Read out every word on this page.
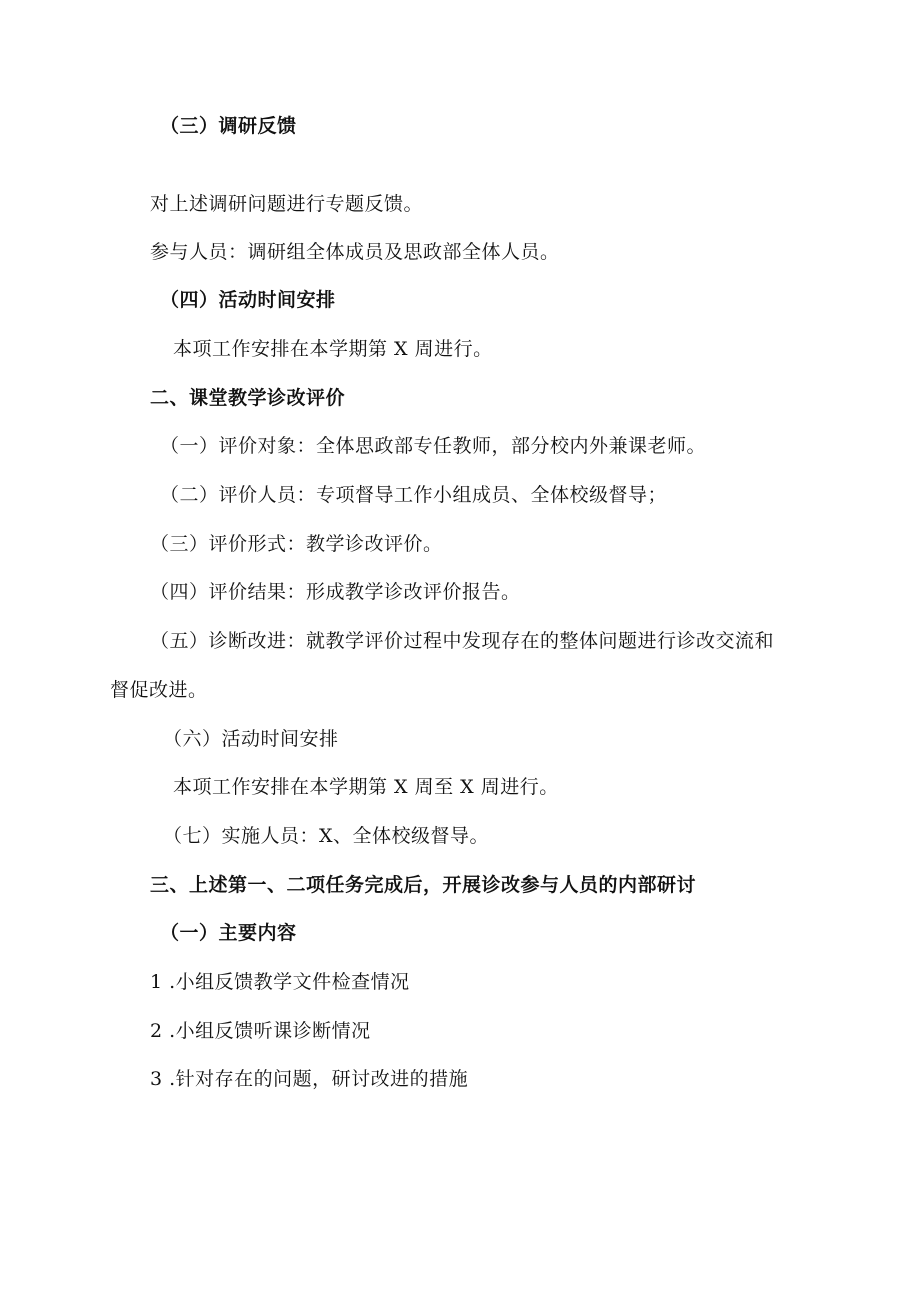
（三）调研反馈
对上述调研问题进行专题反馈。
参与人员：调研组全体成员及思政部全体人员。
（四）活动时间安排
本项工作安排在本学期第 X 周进行。
二、课堂教学诊改评价
（一）评价对象：全体思政部专任教师，部分校内外兼课老师。
（二）评价人员：专项督导工作小组成员、全体校级督导；
（三）评价形式：教学诊改评价。
（四）评价结果：形成教学诊改评价报告。
（五）诊断改进：就教学评价过程中发现存在的整体问题进行诊改交流和
督促改进。
（六）活动时间安排
本项工作安排在本学期第 X 周至 X 周进行。
（七）实施人员：X、全体校级督导。
三、上述第一、二项任务完成后，开展诊改参与人员的内部研讨
（一）主要内容
1 .小组反馈教学文件检查情况
2 .小组反馈听课诊断情况
3 .针对存在的问题，研讨改进的措施
